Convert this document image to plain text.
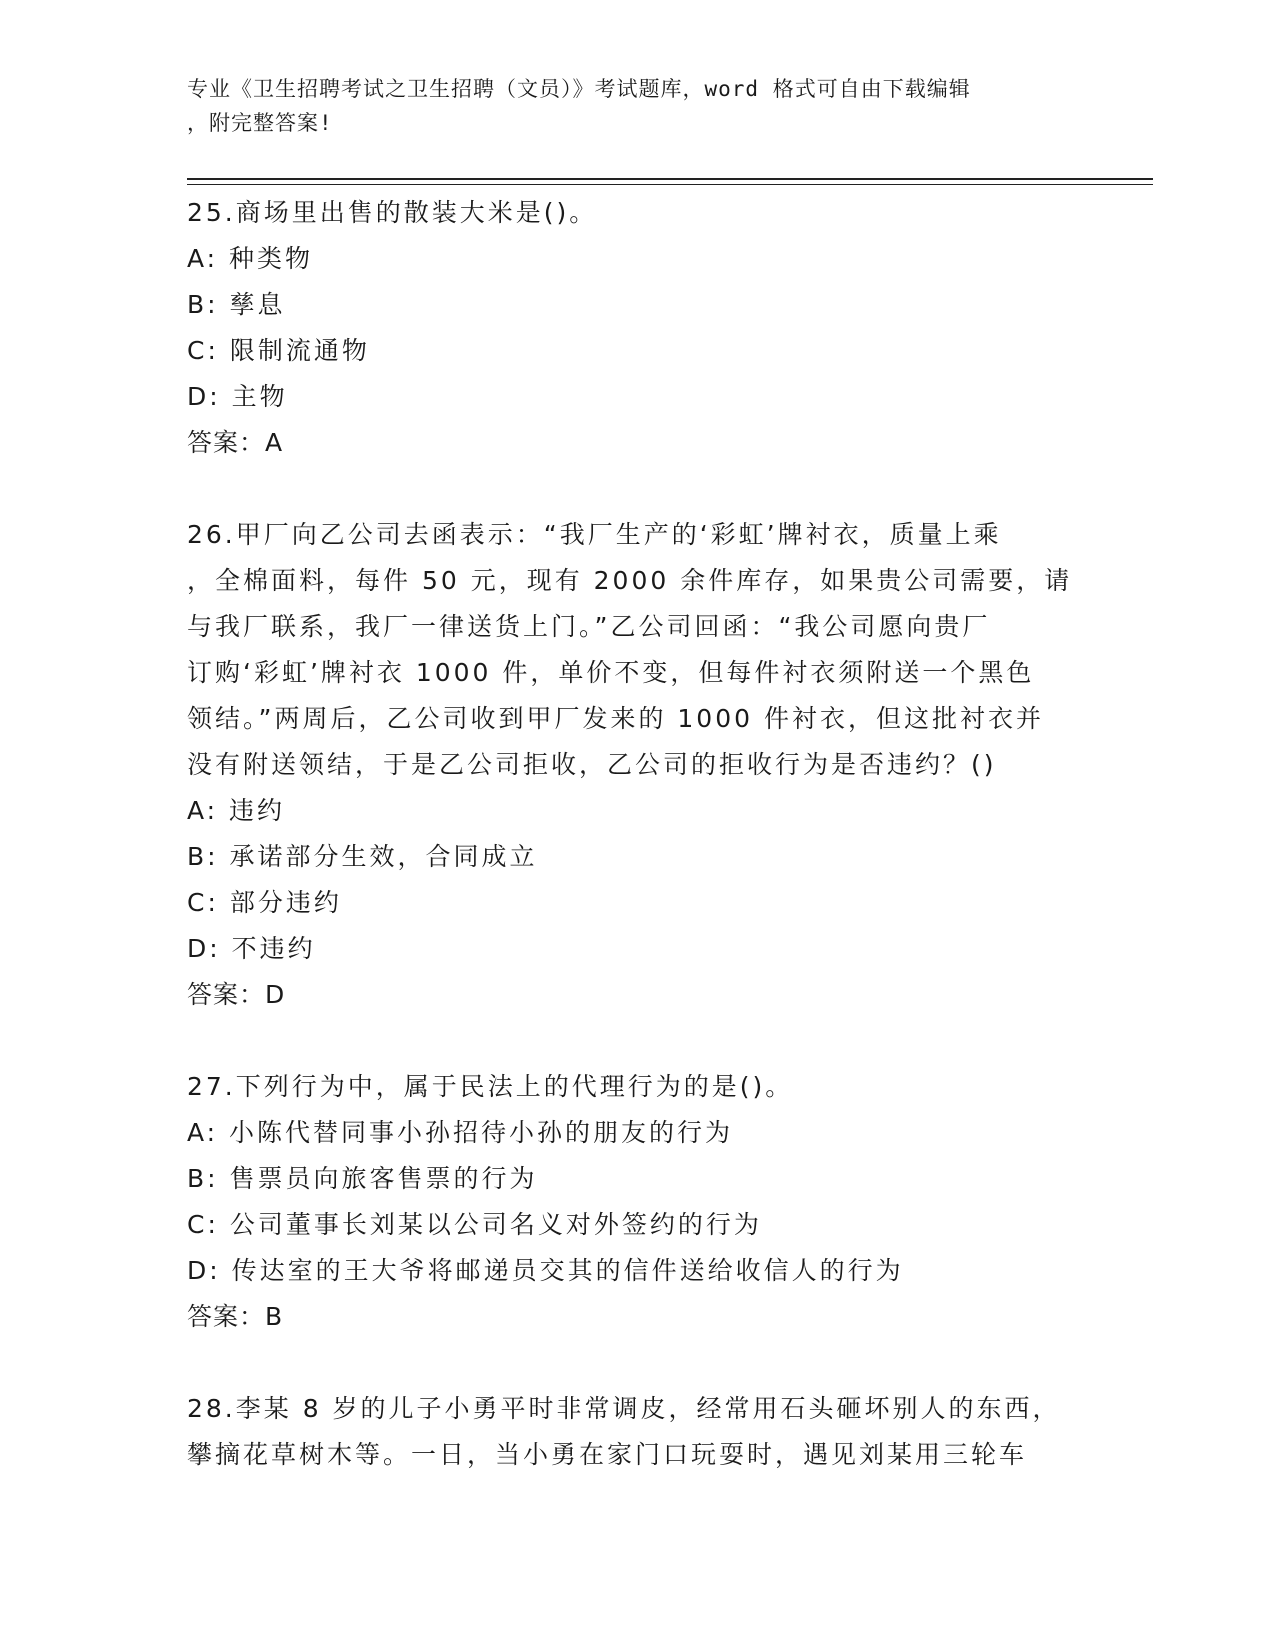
专业《卫生招聘考试之卫生招聘（文员）》考试题库，word 格式可自由下载编辑
，附完整答案!

25.商场里出售的散装大米是()。

A: 种类物

B: 孳息

C: 限制流通物

D: 主物

答案：A

26.甲厂向乙公司去函表示：“我厂生产的‘彩虹’牌衬衣，质量上乘

，全棉面料，每件 50 元，现有 2000 余件库存，如果贵公司需要，请

与我厂联系，我厂一律送货上门。”乙公司回函：“我公司愿向贵厂

订购‘彩虹’牌衬衣 1000 件，单价不变，但每件衬衣须附送一个黑色

领结。”两周后，乙公司收到甲厂发来的 1000 件衬衣，但这批衬衣并

没有附送领结，于是乙公司拒收，乙公司的拒收行为是否违约？()

A: 违约

B: 承诺部分生效，合同成立

C: 部分违约

D: 不违约

答案：D

27.下列行为中，属于民法上的代理行为的是()。

A: 小陈代替同事小孙招待小孙的朋友的行为

B: 售票员向旅客售票的行为

C: 公司董事长刘某以公司名义对外签约的行为

D: 传达室的王大爷将邮递员交其的信件送给收信人的行为

答案：B

28.李某 8 岁的儿子小勇平时非常调皮，经常用石头砸坏别人的东西，

攀摘花草树木等。一日，当小勇在家门口玩耍时，遇见刘某用三轮车
